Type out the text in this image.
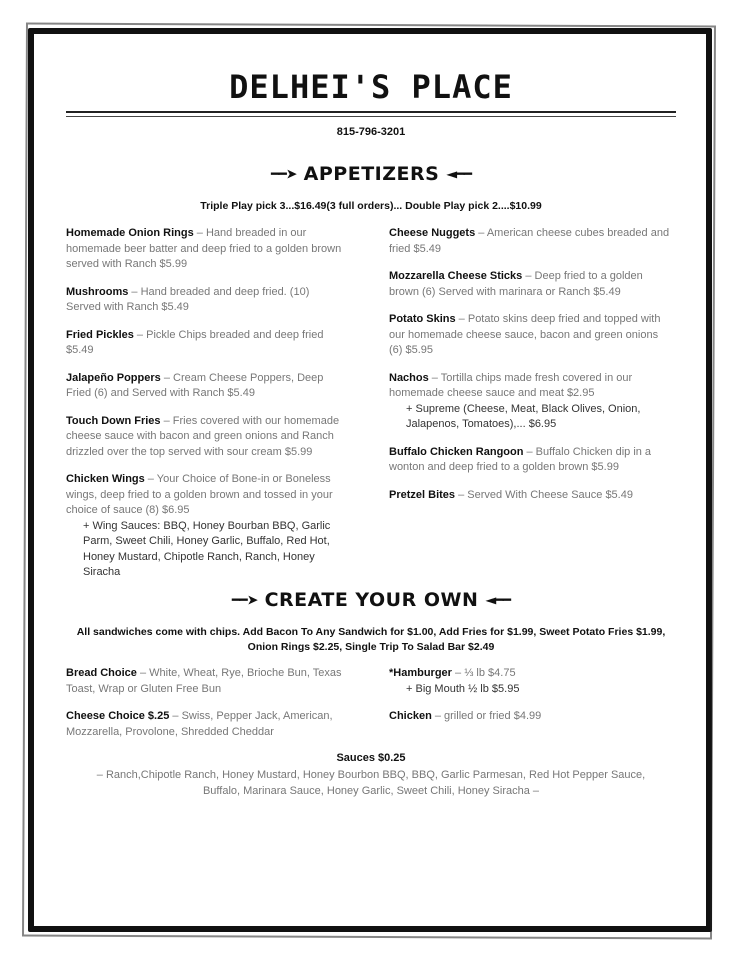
DELHEI'S PLACE
815-796-3201
━━➤ APPETIZERS ◄━━
Triple Play pick 3...$16.49(3 full orders)... Double Play pick 2....$10.99
Homemade Onion Rings – Hand breaded in our homemade beer batter and deep fried to a golden brown served with Ranch $5.99
Mushrooms – Hand breaded and deep fried. (10) Served with Ranch $5.49
Fried Pickles – Pickle Chips breaded and deep fried $5.49
Jalapeño Poppers – Cream Cheese Poppers, Deep Fried (6) and Served with Ranch $5.49
Touch Down Fries – Fries covered with our homemade cheese sauce with bacon and green onions and Ranch drizzled over the top served with sour cream $5.99
Chicken Wings – Your Choice of Bone-in or Boneless wings, deep fried to a golden brown and tossed in your choice of sauce (8) $6.95
+ Wing Sauces: BBQ, Honey Bourban BBQ, Garlic Parm, Sweet Chili, Honey Garlic, Buffalo, Red Hot, Honey Mustard, Chipotle Ranch, Ranch, Honey Siracha
Cheese Nuggets – American cheese cubes breaded and fried $5.49
Mozzarella Cheese Sticks – Deep fried to a golden brown (6) Served with marinara or Ranch $5.49
Potato Skins – Potato skins deep fried and topped with our homemade cheese sauce, bacon and green onions (6) $5.95
Nachos – Tortilla chips made fresh covered in our homemade cheese sauce and meat $2.95
+ Supreme (Cheese, Meat, Black Olives, Onion, Jalapenos, Tomatoes),... $6.95
Buffalo Chicken Rangoon – Buffalo Chicken dip in a wonton and deep fried to a golden brown $5.99
Pretzel Bites – Served With Cheese Sauce $5.49
━━➤ CREATE YOUR OWN ◄━━
All sandwiches come with chips. Add Bacon To Any Sandwich for $1.00, Add Fries for $1.99, Sweet Potato Fries $1.99, Onion Rings $2.25, Single Trip To Salad Bar $2.49
Bread Choice – White, Wheat, Rye, Brioche Bun, Texas Toast, Wrap or Gluten Free Bun
Cheese Choice $.25 – Swiss, Pepper Jack, American, Mozzarella, Provolone, Shredded Cheddar
*Hamburger – ⅓ lb $4.75
+ Big Mouth ½ lb $5.95
Chicken – grilled or fried $4.99
Sauces $0.25
– Ranch,Chipotle Ranch, Honey Mustard, Honey Bourbon BBQ, BBQ, Garlic Parmesan, Red Hot Pepper Sauce, Buffalo, Marinara Sauce, Honey Garlic, Sweet Chili, Honey Siracha –
